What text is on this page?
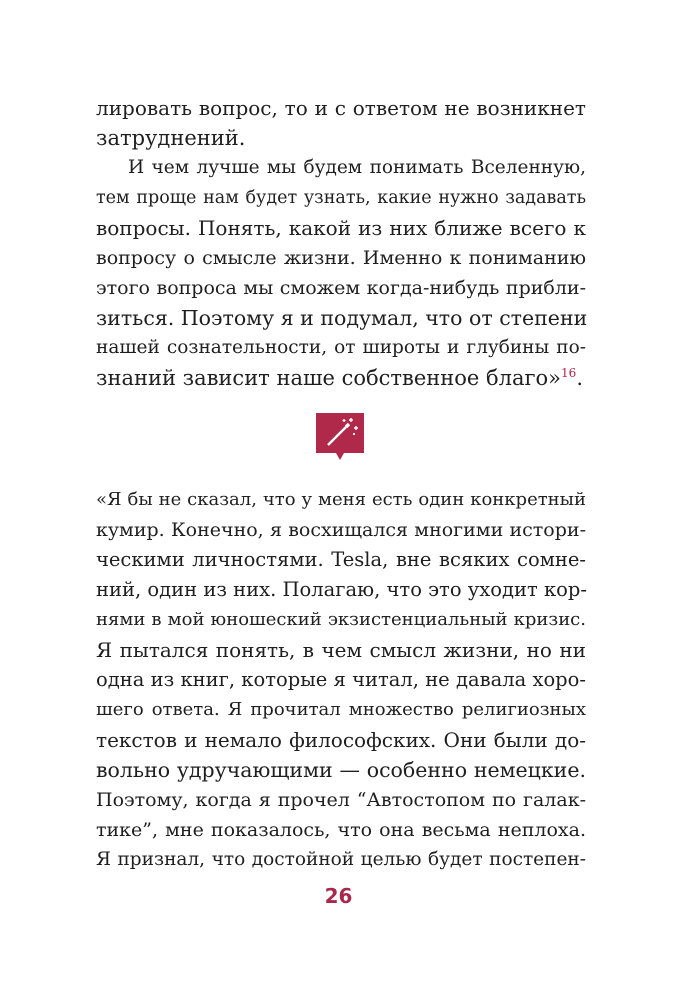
лировать вопрос, то и с ответом не возникнет
затруднений.
И чем лучше мы будем понимать Вселенную,
тем проще нам будет узнать, какие нужно задавать
вопросы. Понять, какой из них ближе всего к
вопросу о смысле жизни. Именно к пониманию
этого вопроса мы сможем когда-нибудь прибли-
зиться. Поэтому я и подумал, что от степени
нашей сознательности, от широты и глубины по-
знаний зависит наше собственное благо»$^{16}$.
«Я бы не сказал, что у меня есть один конкретный
кумир. Конечно, я восхищался многими истори-
ческими личностями. Tesla, вне всяких сомне-
ний, один из них. Полагаю, что это уходит кор-
нями в мой юношеский экзистенциальный кризис.
Я пытался понять, в чем смысл жизни, но ни
одна из книг, которые я читал, не давала хоро-
шего ответа. Я прочитал множество религиозных
текстов и немало философских. Они были до-
вольно удручающими — особенно немецкие.
Поэтому, когда я прочел “Автостопом по галак-
тике”, мне показалось, что она весьма неплоха.
Я признал, что достойной целью будет постепен-
26
